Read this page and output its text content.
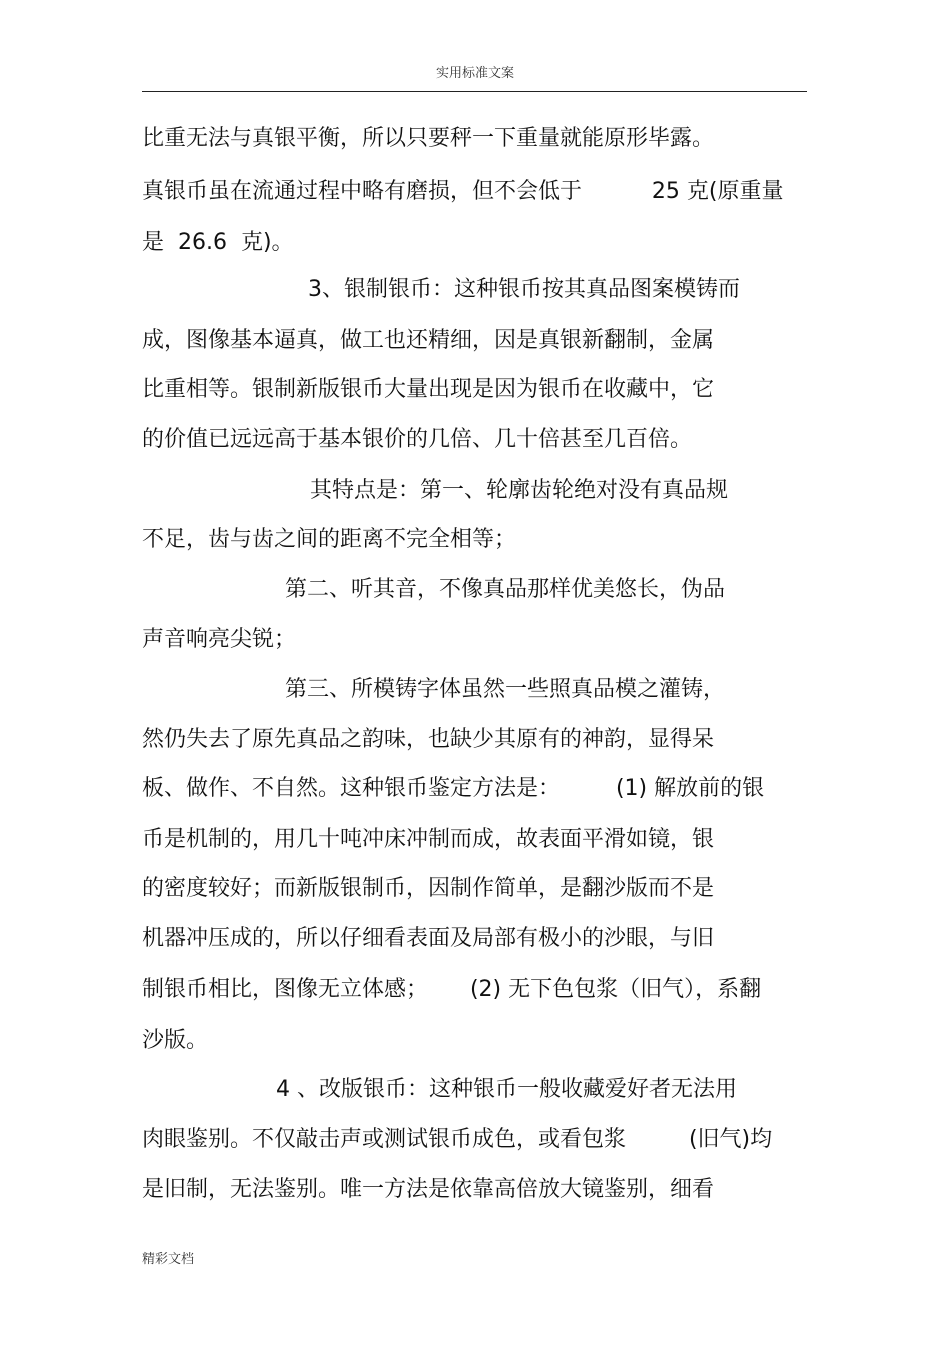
实用标准文案
比重无法与真银平衡，所以只要秤一下重量就能原形毕露。
真银币虽在流通过程中略有磨损，但不会低于          25 克(原重量
是  26.6  克)。
3、银制银币：这种银币按其真品图案模铸而
成，图像基本逼真，做工也还精细，因是真银新翻制，金属
比重相等。银制新版银币大量出现是因为银币在收藏中，它
的价值已远远高于基本银价的几倍、几十倍甚至几百倍。
其特点是：第一、轮廓齿轮绝对没有真品规
不足，齿与齿之间的距离不完全相等；
第二、听其音，不像真品那样优美悠长，伪品
声音响亮尖锐；
第三、所模铸字体虽然一些照真品模之灌铸，
然仍失去了原先真品之韵味，也缺少其原有的神韵，显得呆
板、做作、不自然。这种银币鉴定方法是：        (1) 解放前的银
币是机制的，用几十吨冲床冲制而成，故表面平滑如镜，银
的密度较好；而新版银制币，因制作简单，是翻沙版而不是
机器冲压成的，所以仔细看表面及局部有极小的沙眼，与旧
制银币相比，图像无立体感；      (2) 无下色包浆（旧气），系翻
沙版。
4 、改版银币：这种银币一般收藏爱好者无法用
肉眼鉴别。不仅敲击声或测试银币成色，或看包浆         (旧气)均
是旧制，无法鉴别。唯一方法是依靠高倍放大镜鉴别，细看
精彩文档
